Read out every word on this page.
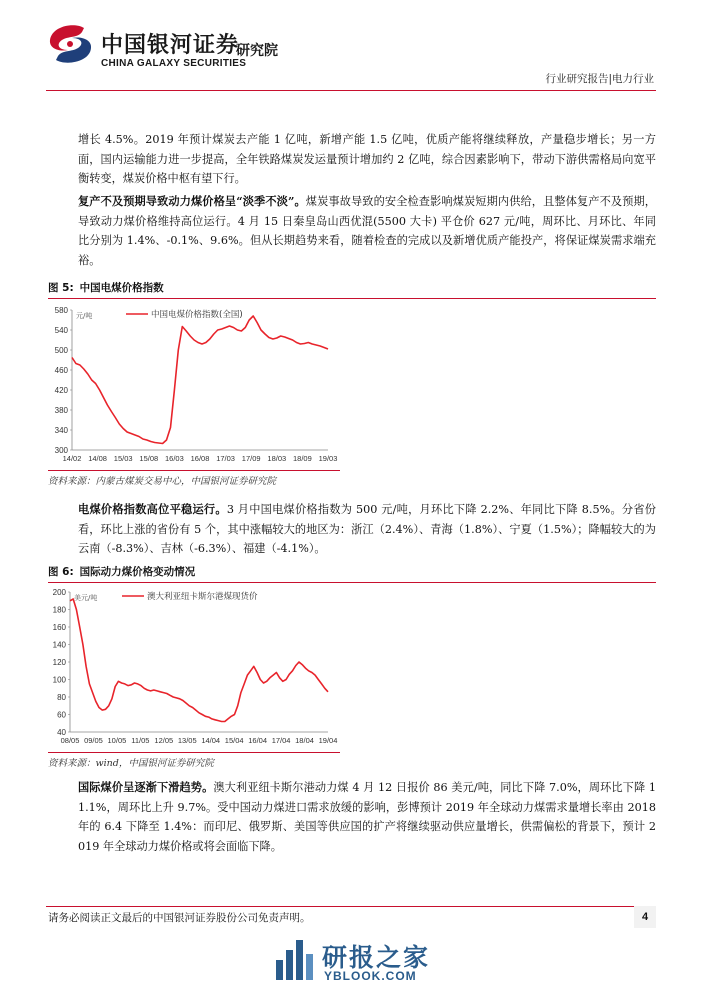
中国银河证券
CHINA GALAXY SECURITIES
研究院
行业研究报告|电力行业
增长 4.5%。2019 年预计煤炭去产能 1 亿吨，新增产能 1.5 亿吨，优质产能将继续释放，产量稳步增长；另一方面，国内运输能力进一步提高，全年铁路煤炭发运量预计增加约 2 亿吨，综合因素影响下，带动下游供需格局向宽平衡转变，煤炭价格中枢有望下行。
复产不及预期导致动力煤价格呈“淡季不淡”。煤炭事故导致的安全检查影响煤炭短期内供给，且整体复产不及预期，导致动力煤价格维持高位运行。4 月 15 日秦皇岛山西优混(5500 大卡) 平仓价 627 元/吨，周环比、月环比、年同比分别为 1.4%、-0.1%、9.6%。但从长期趋势来看，随着检查的完成以及新增优质产能投产，将保证煤炭需求端充裕。
图 5: 中国电煤价格指数
300
340
380
420
460
500
540
580
元/吨
14/02 14/08 15/03 15/08 16/03 16/08 17/03 17/09 18/03 18/09 19/03
中国电煤价格指数(全国)
资料来源：内蒙古煤炭交易中心，中国银河证券研究院
电煤价格指数高位平稳运行。3 月中国电煤价格指数为 500 元/吨，月环比下降 2.2%、年同比下降 8.5%。分省份看，环比上涨的省份有 5 个，其中涨幅较大的地区为：浙江（2.4%）、青海（1.8%）、宁夏（1.5%）；降幅较大的为云南（-8.3%）、吉林（-6.3%）、福建（-4.1%）。
图 6: 国际动力煤价格变动情况
40
60
80
100
120
140
160
180
200
美元/吨
08/05 09/05 10/05 11/05 12/05 13/05 14/04 15/04 16/04 17/04 18/04 19/04
澳大利亚纽卡斯尔港煤现货价
资料来源：wind，中国银河证券研究院
国际煤价呈逐渐下滑趋势。澳大利亚纽卡斯尔港动力煤 4 月 12 日报价 86 美元/吨，同比下降 7.0%，周环比下降 11.1%，周环比上升 9.7%。受中国动力煤进口需求放缓的影响，彭博预计 2019 年全球动力煤需求量增长率由 2018 年的 6.4 下降至 1.4%：而印尼、俄罗斯、美国等供应国的扩产将继续驱动供应量增长，供需偏松的背景下，预计 2019 年全球动力煤价格或将会面临下降。
请务必阅读正文最后的中国银河证券股份公司免责声明。	4
研报之家
YBLOOK.COM
